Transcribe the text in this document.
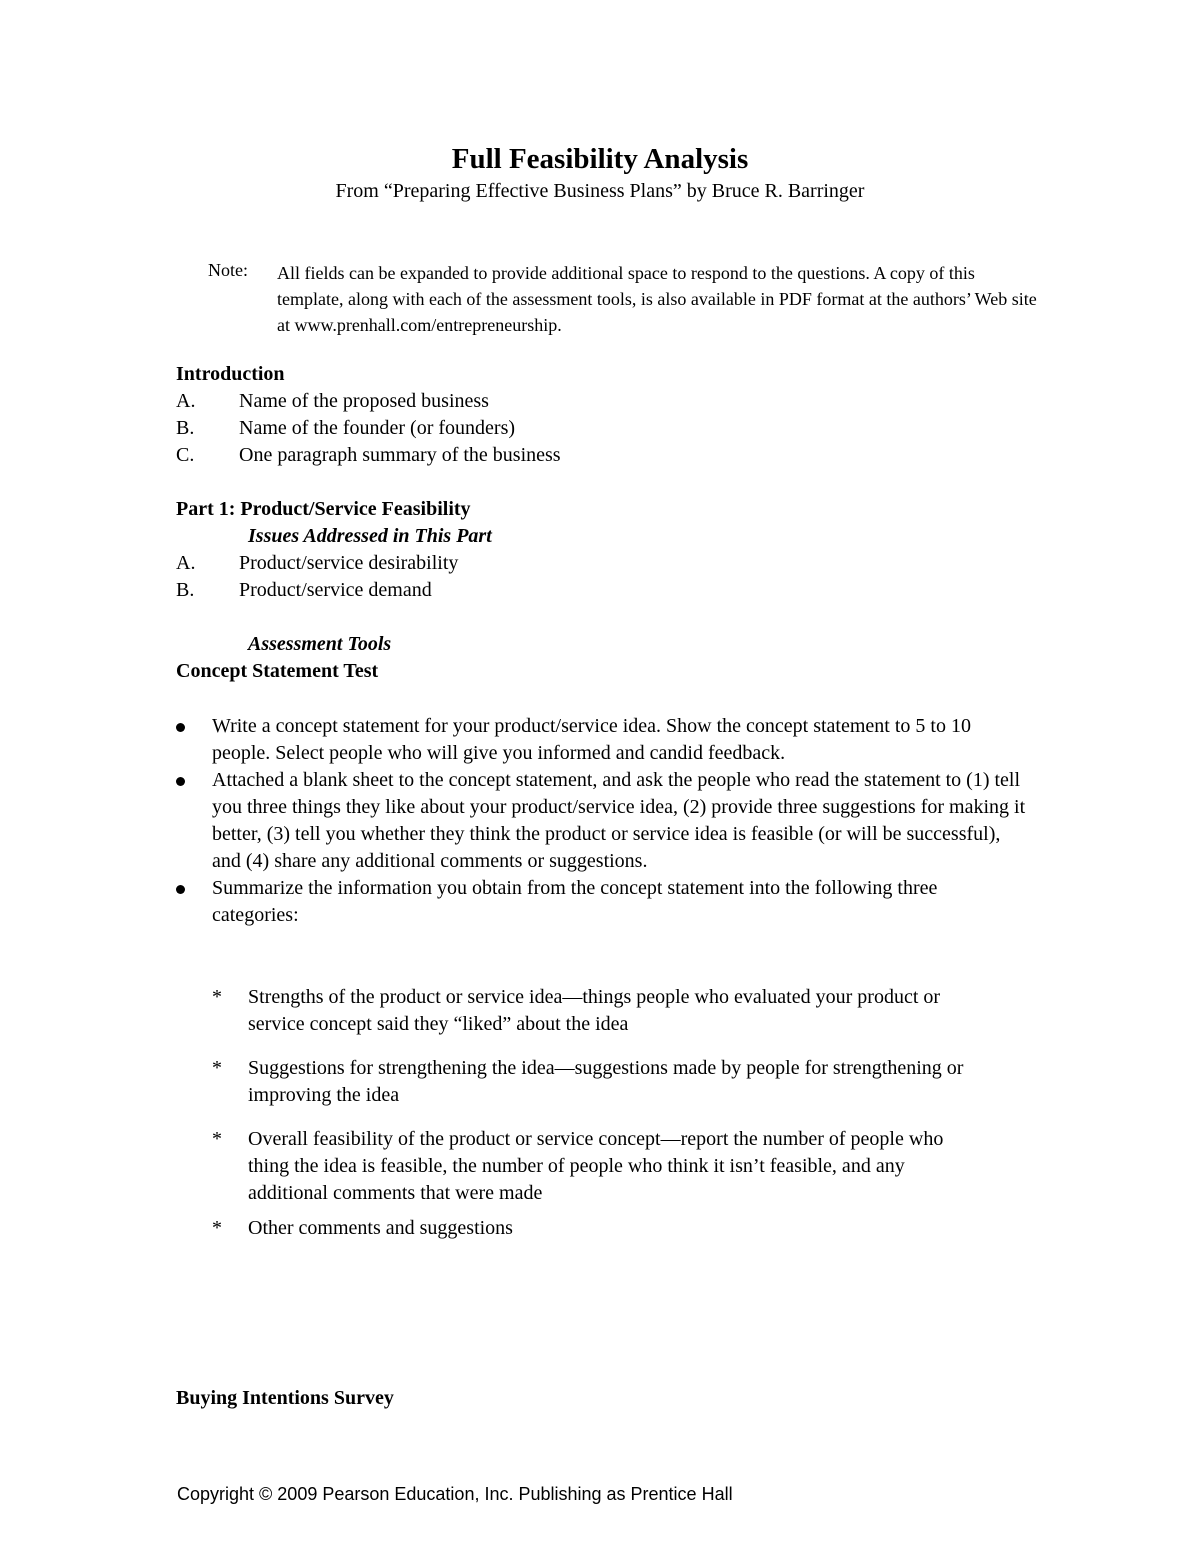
Full Feasibility Analysis
From “Preparing Effective Business Plans” by Bruce R. Barringer
Note: All fields can be expanded to provide additional space to respond to the questions. A copy of this template, along with each of the assessment tools, is also available in PDF format at the authors’ Web site at www.prenhall.com/entrepreneurship.
Introduction
A. Name of the proposed business
B. Name of the founder (or founders)
C. One paragraph summary of the business
Part 1: Product/Service Feasibility
Issues Addressed in This Part
A. Product/service desirability
B. Product/service demand
Assessment Tools
Concept Statement Test
Write a concept statement for your product/service idea. Show the concept statement to 5 to 10 people. Select people who will give you informed and candid feedback.
Attached a blank sheet to the concept statement, and ask the people who read the statement to (1) tell you three things they like about your product/service idea, (2) provide three suggestions for making it better, (3) tell you whether they think the product or service idea is feasible (or will be successful), and (4) share any additional comments or suggestions.
Summarize the information you obtain from the concept statement into the following three categories:
* Strengths of the product or service idea—things people who evaluated your product or service concept said they “liked” about the idea
* Suggestions for strengthening the idea—suggestions made by people for strengthening or improving the idea
* Overall feasibility of the product or service concept—report the number of people who thing the idea is feasible, the number of people who think it isn’t feasible, and any additional comments that were made
* Other comments and suggestions
Buying Intentions Survey
Copyright © 2009 Pearson Education, Inc. Publishing as Prentice Hall
